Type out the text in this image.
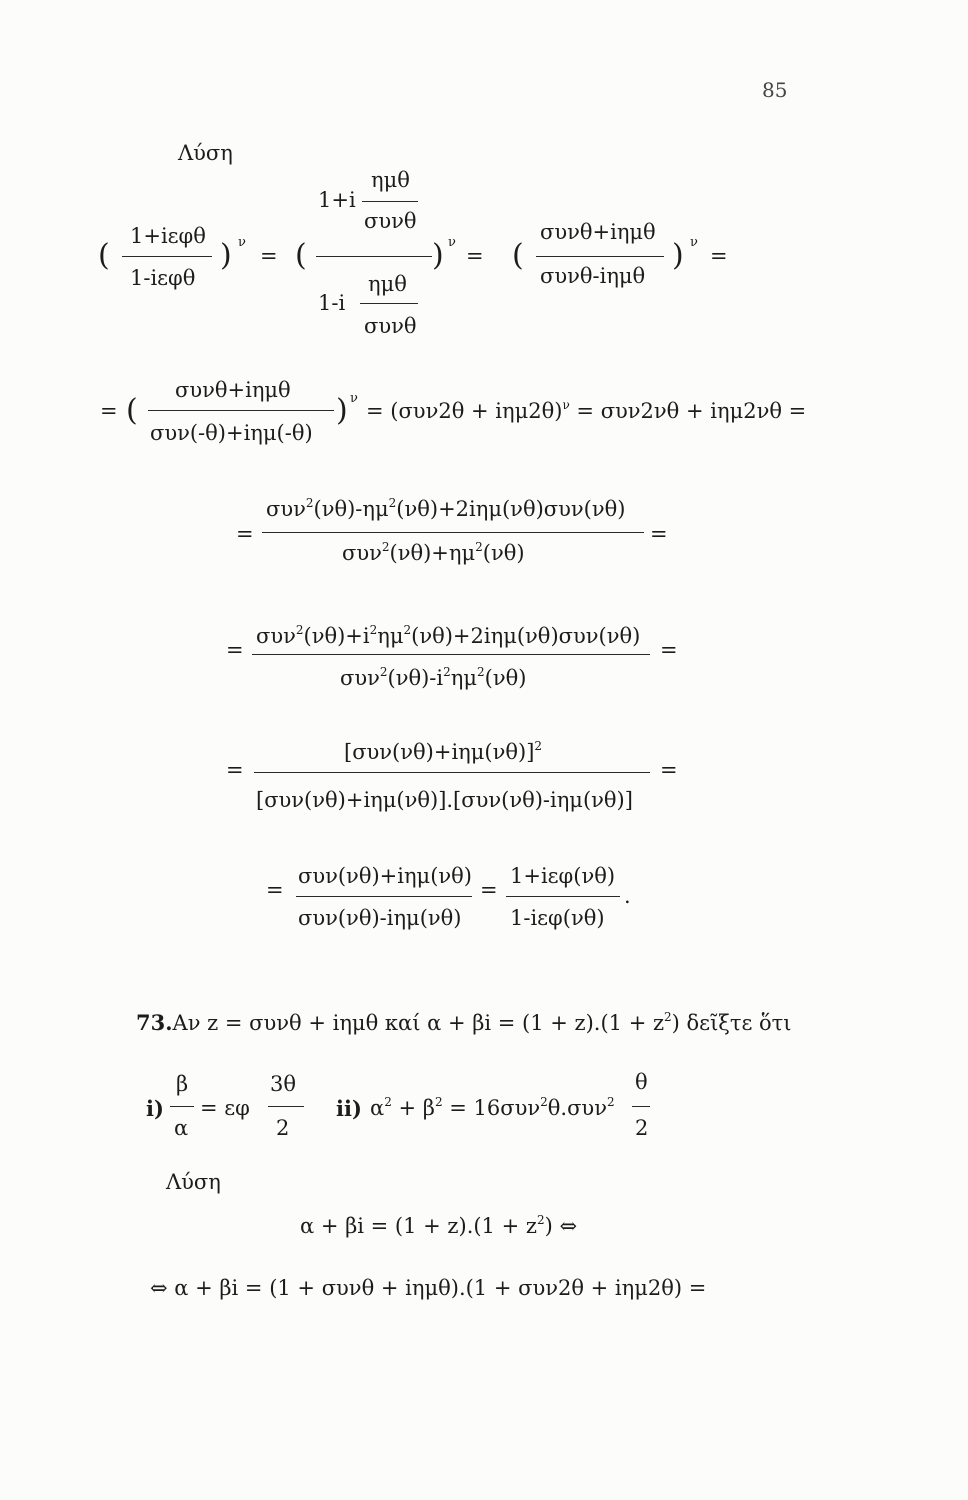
85
Λύση
(
1+iεφθ
1-iεφθ
) ν
=
1+i
ημθ
συνθ
(	) ν
=
1-i
ημθ
συνθ
(
συνθ+iημθ
συνθ-iημθ
) ν
=
= (
συνθ+iημθ
συν(-θ)+iημ(-θ)
) ν
= $(\sigma\upsilon\nu 2\theta + i\eta\mu 2\theta)^\nu = \sigma\upsilon\nu 2\nu\theta + i\eta\mu 2\nu\theta$ =
=
$\sigma\upsilon\nu^2(\nu\theta)-\eta\mu^2(\nu\theta)+2i\eta\mu(\nu\theta)\sigma\upsilon\nu(\nu\theta)$
$\sigma\upsilon\nu^2(\nu\theta)+\eta\mu^2(\nu\theta)$
=
=
$\sigma\upsilon\nu^2(\nu\theta)+i^2\eta\mu^2(\nu\theta)+2i\eta\mu(\nu\theta)\sigma\upsilon\nu(\nu\theta)$
$\sigma\upsilon\nu^2(\nu\theta)-i^2\eta\mu^2(\nu\theta)$
=
=
$[\sigma\upsilon\nu(\nu\theta)+i\eta\mu(\nu\theta)]^2$
[συν(νθ)+iημ(νθ)].[συν(νθ)-iημ(νθ)]
=
=
συν(νθ)+iημ(νθ)
συν(νθ)-iημ(νθ)
=
1+iεφ(νθ)
1-iεφ(νθ)
.
73.Αν z = συνθ + iημθ καί $\alpha + \beta i = (1 + z).(1 + z^2)$ δεῖξτε ὅτι
i)
β
α
= εφ
3θ
2
ii) $\alpha^2 + \beta^2 = 16\sigma\upsilon\nu^2\theta.\sigma\upsilon\nu^2$
θ
2
Λύση
$\alpha + \beta i = (1 + z).(1 + z^2)$ ⇔
⇔ α + βi = (1 + συνθ + iημθ).(1 + συν2θ + iημ2θ) =
